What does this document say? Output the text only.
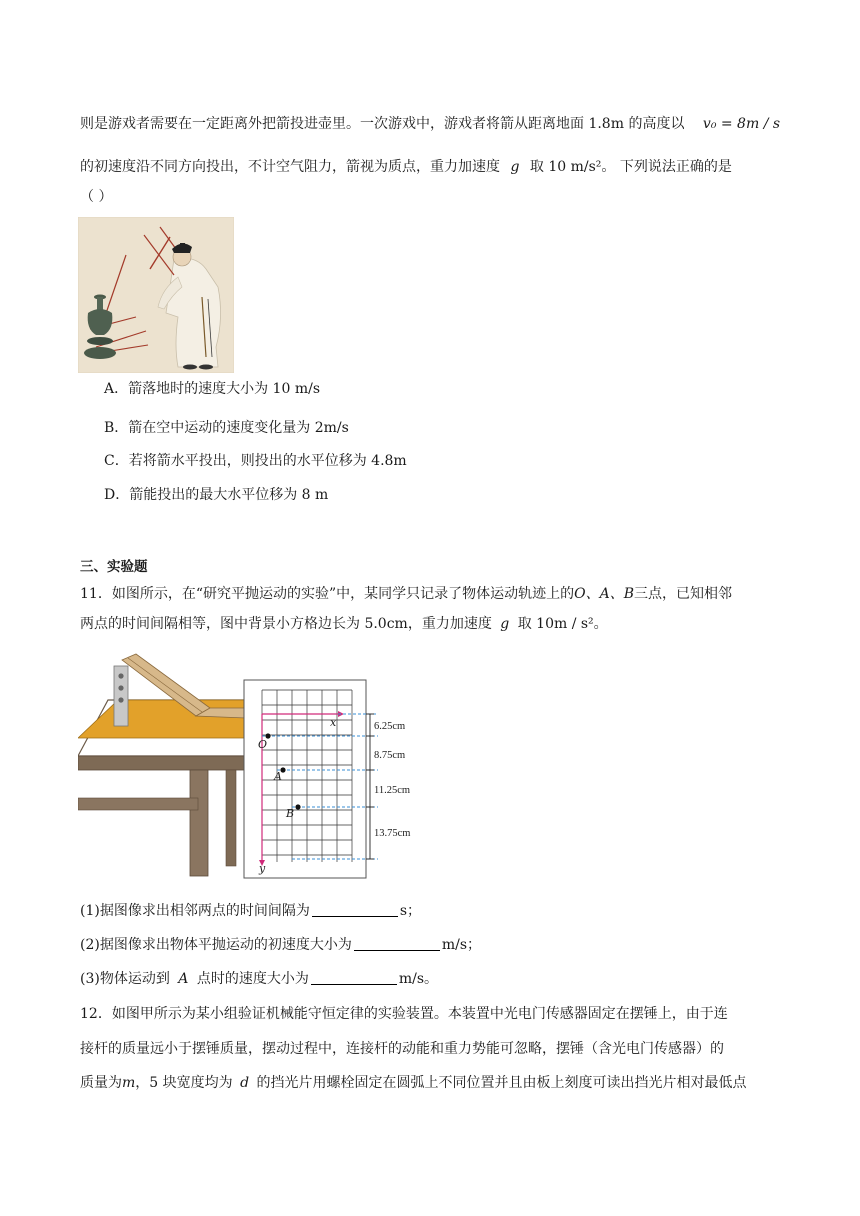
则是游戏者需要在一定距离外把箭投进壶里。一次游戏中，游戏者将箭从距离地面 1.8m 的高度以 v₀ = 8m / s
的初速度沿不同方向投出，不计空气阻力，箭视为质点，重力加速度 g 取 10 m/s²。 下列说法正确的是
（ ）
A．箭落地时的速度大小为 10 m/s
B．箭在空中运动的速度变化量为 2m/s
C．若将箭水平投出，则投出的水平位移为 4.8m
D．箭能投出的最大水平位移为 8 m
三、实验题
11．如图所示，在“研究平抛运动的实验”中，某同学只记录了物体运动轨迹上的O、A、B三点，已知相邻
两点的时间间隔相等，图中背景小方格边长为 5.0cm，重力加速度 g 取 10m / s²。
x
y
O
A
B
6.25cm
8.75cm
11.25cm
13.75cm
(1)据图像求出相邻两点的时间间隔为	s；
(2)据图像求出物体平抛运动的初速度大小为	m/s；
(3)物体运动到 A 点时的速度大小为	m/s。
12．如图甲所示为某小组验证机械能守恒定律的实验装置。本装置中光电门传感器固定在摆锤上，由于连
接杆的质量远小于摆锤质量，摆动过程中，连接杆的动能和重力势能可忽略，摆锤（含光电门传感器）的
质量为m，5 块宽度均为 d 的挡光片用螺栓固定在圆弧上不同位置并且由板上刻度可读出挡光片相对最低点
